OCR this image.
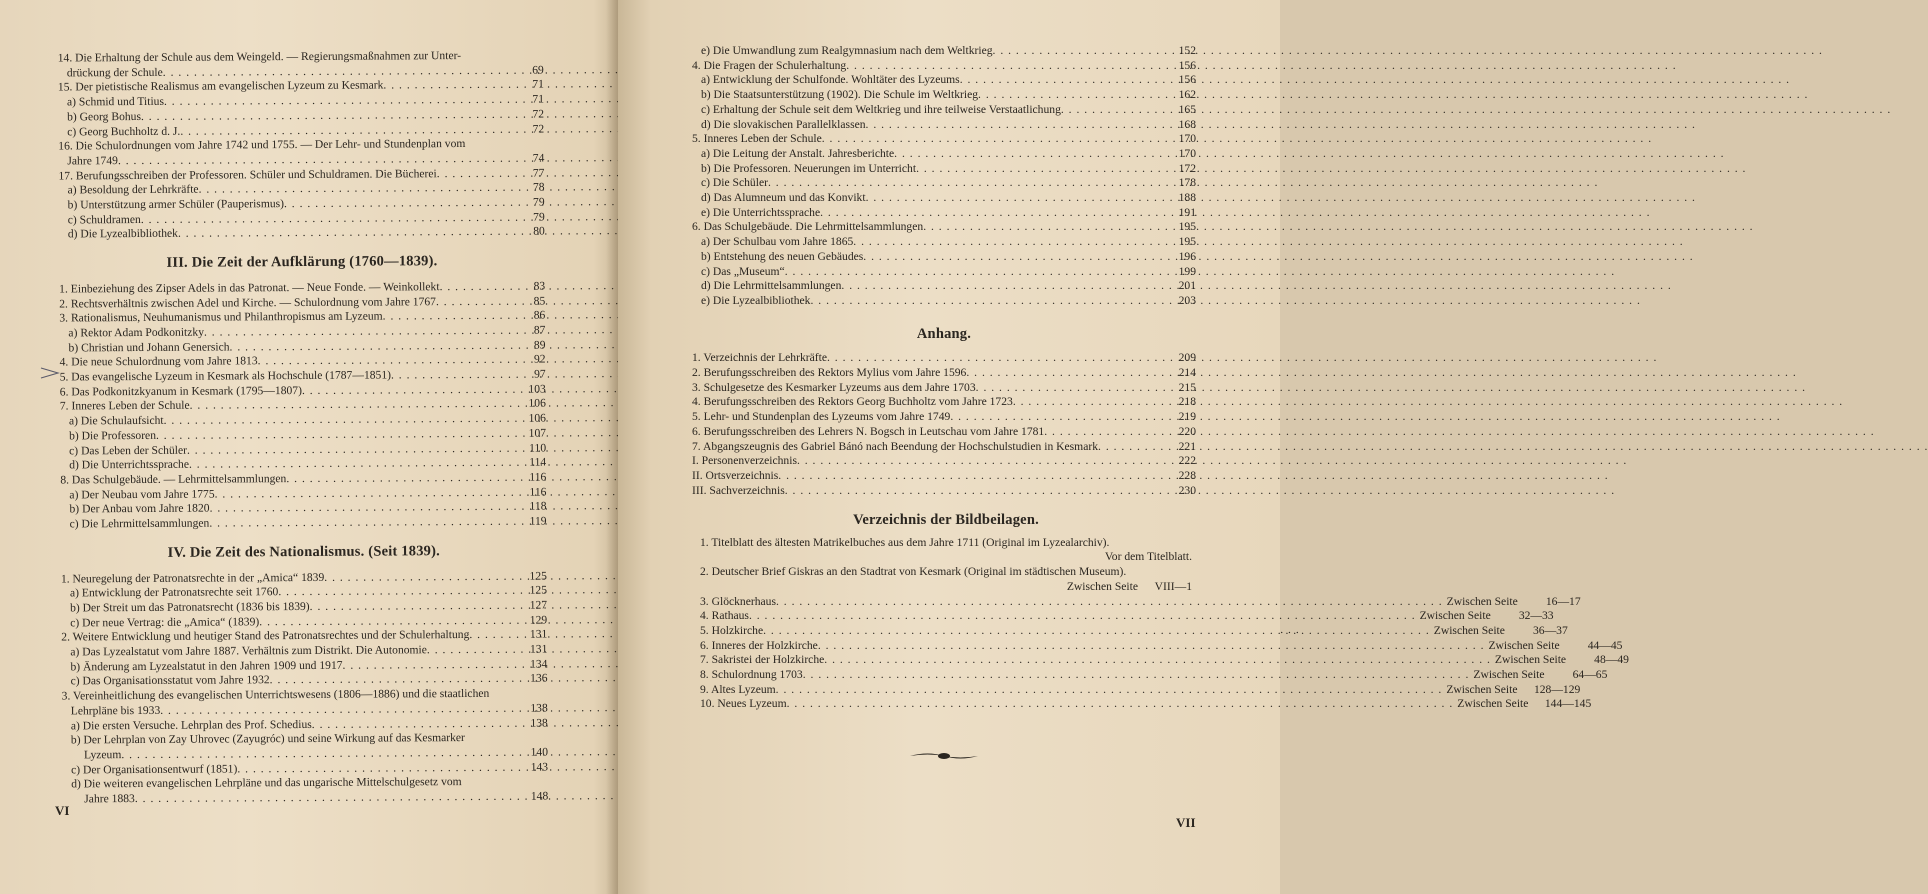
14. Die Erhaltung der Schule aus dem Weingeld. — Regierungsmaßnahmen zur Unter-
drückung der Schule . . .	69
15. Der pietistische Realismus am evangelischen Lyzeum zu Kesmark . . .	71
a) Schmid und Titius . . .	71
b) Georg Bohus . . .	72
c) Georg Buchholtz d. J. . . .	72
16. Die Schulordnungen vom Jahre 1742 und 1755. — Der Lehr- und Stundenplan vom
Jahre 1749 . . .	74
17. Berufungsschreiben der Professoren. Schüler und Schuldramen. Die Bücherei . . .	77
a) Besoldung der Lehrkräfte . . .	78
b) Unterstützung armer Schüler (Pauperismus) . . .	79
c) Schuldramen . . .	79
d) Die Lyzealbibliothek . . .	80
III. Die Zeit der Aufklärung (1760—1839).
1. Einbeziehung des Zipser Adels in das Patronat. — Neue Fonde. — Weinkollekt . . .	83
2. Rechtsverhältnis zwischen Adel und Kirche. — Schulordnung vom Jahre 1767 . . .	85
3. Rationalismus, Neuhumanismus und Philanthropismus am Lyzeum . . .	86
a) Rektor Adam Podkonitzky . . .	87
b) Christian und Johann Genersich . . .	89
4. Die neue Schulordnung vom Jahre 1813 . . .	92
5. Das evangelische Lyzeum in Kesmark als Hochschule (1787—1851) . . .	97
6. Das Podkonitzkyanum in Kesmark (1795—1807) . . .	103
7. Inneres Leben der Schule . . .	106
a) Die Schulaufsicht . . .	106
b) Die Professoren . . .	107
c) Das Leben der Schüler . . .	110
d) Die Unterrichtssprache . . .	114
8. Das Schulgebäude. — Lehrmittelsammlungen . . .	116
a) Der Neubau vom Jahre 1775 . . .	116
b) Der Anbau vom Jahre 1820 . . .	118
c) Die Lehrmittelsammlungen . . .	119
IV. Die Zeit des Nationalismus. (Seit 1839).
1. Neuregelung der Patronatsrechte in der „Amica“ 1839 . . .	125
a) Entwicklung der Patronatsrechte seit 1760 . . .	125
b) Der Streit um das Patronatsrecht (1836 bis 1839) . . .	127
c) Der neue Vertrag: die „Amica“ (1839) . . .	129
2. Weitere Entwicklung und heutiger Stand des Patronatsrechtes und der Schulerhaltung . . .	131
a) Das Lyzealstatut vom Jahre 1887. Verhältnis zum Distrikt. Die Autonomie . . .	131
b) Änderung am Lyzealstatut in den Jahren 1909 und 1917 . . .	134
c) Das Organisationsstatut vom Jahre 1932 . . .	136
3. Vereinheitlichung des evangelischen Unterrichtswesens (1806—1886) und die staatlichen
Lehrpläne bis 1933 . . .	138
a) Die ersten Versuche. Lehrplan des Prof. Schedius . . .	138
b) Der Lehrplan von Zay Uhrovec (Zayugróc) und seine Wirkung auf das Kesmarker
Lyzeum . . .	140
c) Der Organisationsentwurf (1851) . . .	143
d) Die weiteren evangelischen Lehrpläne und das ungarische Mittelschulgesetz vom
Jahre 1883 . . .	148
VI
e) Die Umwandlung zum Realgymnasium nach dem Weltkrieg . . .	152
4. Die Fragen der Schulerhaltung . . .	156
a) Entwicklung der Schulfonde. Wohltäter des Lyzeums . . .	156
b) Die Staatsunterstützung (1902). Die Schule im Weltkrieg . . .	162
c) Erhaltung der Schule seit dem Weltkrieg und ihre teilweise Verstaatlichung . . .	165
d) Die slovakischen Parallelklassen . . .	168
5. Inneres Leben der Schule . . .	170
a) Die Leitung der Anstalt. Jahresberichte . . .	170
b) Die Professoren. Neuerungen im Unterricht . . .	172
c) Die Schüler . . .	178
d) Das Alumneum und das Konvikt . . .	188
e) Die Unterrichtssprache . . .	191
6. Das Schulgebäude. Die Lehrmittelsammlungen . . .	195
a) Der Schulbau vom Jahre 1865 . . .	195
b) Entstehung des neuen Gebäudes . . .	196
c) Das „Museum“ . . .	199
d) Die Lehrmittelsammlungen . . .	201
e) Die Lyzealbibliothek . . .	203
Anhang.
1. Verzeichnis der Lehrkräfte . . .	209
2. Berufungsschreiben des Rektors Mylius vom Jahre 1596 . . .	214
3. Schulgesetze des Kesmarker Lyzeums aus dem Jahre 1703 . . .	215
4. Berufungsschreiben des Rektors Georg Buchholtz vom Jahre 1723 . . .	218
5. Lehr- und Stundenplan des Lyzeums vom Jahre 1749 . . .	219
6. Berufungsschreiben des Lehrers N. Bogsch in Leutschau vom Jahre 1781 . . .	220
7. Abgangszeugnis des Gabriel Bánó nach Beendung der Hochschulstudien in Kesmark . . .	221
I. Personenverzeichnis . . .	222
II. Ortsverzeichnis . . .	228
III. Sachverzeichnis . . .	230
Verzeichnis der Bildbeilagen.
1. Titelblatt des ältesten Matrikelbuches aus dem Jahre 1711 (Original im Lyzealarchiv).
Vor dem Titelblatt.
2. Deutscher Brief Giskras an den Stadtrat von Kesmark (Original im städtischen Museum).
Zwischen Seite VIII—1
3. Glöcknerhaus . . .	Zwischen Seite	16—17
4. Rathaus . . .	Zwischen Seite	32—33
5. Holzkirche . . .	Zwischen Seite	36—37
6. Inneres der Holzkirche . . .	Zwischen Seite	44—45
7. Sakristei der Holzkirche . . .	Zwischen Seite	48—49
8. Schulordnung 1703 . . .	Zwischen Seite	64—65
9. Altes Lyzeum . . .	Zwischen Seite	128—129
10. Neues Lyzeum . . .	Zwischen Seite	144—145
VII
